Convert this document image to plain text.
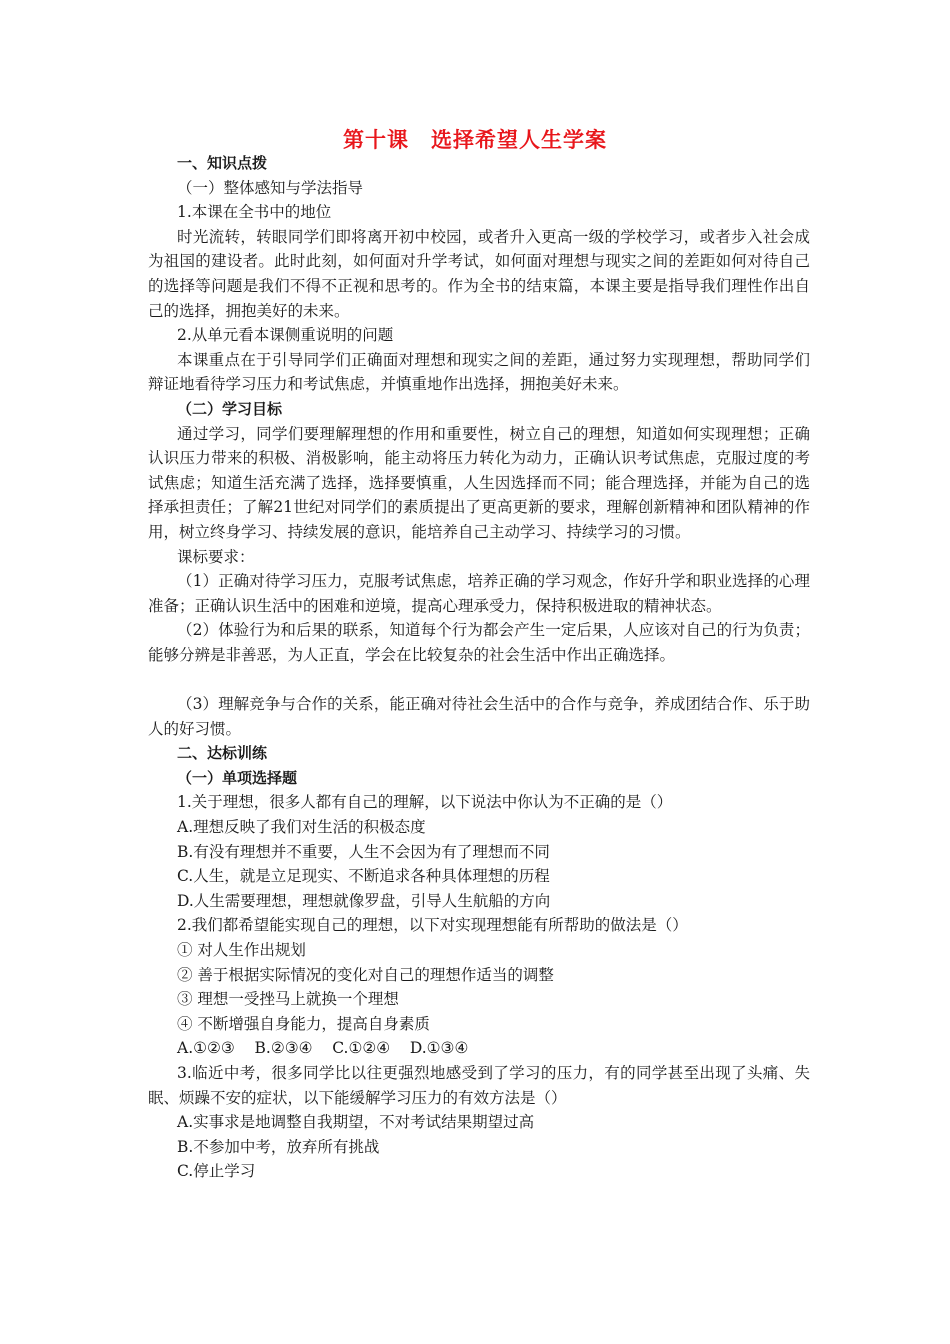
第十课　选择希望人生学案

一、知识点拨

（一）整体感知与学法指导

1.本课在全书中的地位

时光流转，转眼同学们即将离开初中校园，或者升入更高一级的学校学习，或者步入社会成为祖国的建设者。此时此刻，如何面对升学考试，如何面对理想与现实之间的差距如何对待自己的选择等问题是我们不得不正视和思考的。作为全书的结束篇，本课主要是指导我们理性作出自己的选择，拥抱美好的未来。

2.从单元看本课侧重说明的问题

本课重点在于引导同学们正确面对理想和现实之间的差距，通过努力实现理想，帮助同学们辩证地看待学习压力和考试焦虑，并慎重地作出选择，拥抱美好未来。

（二）学习目标

通过学习，同学们要理解理想的作用和重要性，树立自己的理想，知道如何实现理想；正确认识压力带来的积极、消极影响，能主动将压力转化为动力，正确认识考试焦虑，克服过度的考试焦虑；知道生活充满了选择，选择要慎重，人生因选择而不同；能合理选择，并能为自己的选择承担责任；了解21世纪对同学们的素质提出了更高更新的要求，理解创新精神和团队精神的作用，树立终身学习、持续发展的意识，能培养自己主动学习、持续学习的习惯。

课标要求：

（1）正确对待学习压力，克服考试焦虑，培养正确的学习观念，作好升学和职业选择的心理准备；正确认识生活中的困难和逆境，提高心理承受力，保持积极进取的精神状态。

（2）体验行为和后果的联系，知道每个行为都会产生一定后果，人应该对自己的行为负责；能够分辨是非善恶，为人正直，学会在比较复杂的社会生活中作出正确选择。

（3）理解竞争与合作的关系，能正确对待社会生活中的合作与竞争，养成团结合作、乐于助人的好习惯。

二、达标训练

（一）单项选择题

1.关于理想，很多人都有自己的理解，以下说法中你认为不正确的是（）

A.理想反映了我们对生活的积极态度

B.有没有理想并不重要，人生不会因为有了理想而不同

C.人生，就是立足现实、不断追求各种具体理想的历程

D.人生需要理想，理想就像罗盘，引导人生航船的方向

2.我们都希望能实现自己的理想，以下对实现理想能有所帮助的做法是（）

① 对人生作出规划

② 善于根据实际情况的变化对自己的理想作适当的调整

③ 理想一受挫马上就换一个理想

④ 不断增强自身能力，提高自身素质

A.①②③    B.②③④    C.①②④    D.①③④

3.临近中考，很多同学比以往更强烈地感受到了学习的压力，有的同学甚至出现了头痛、失眠、烦躁不安的症状，以下能缓解学习压力的有效方法是（）

A.实事求是地调整自我期望，不对考试结果期望过高

B.不参加中考，放弃所有挑战

C.停止学习
